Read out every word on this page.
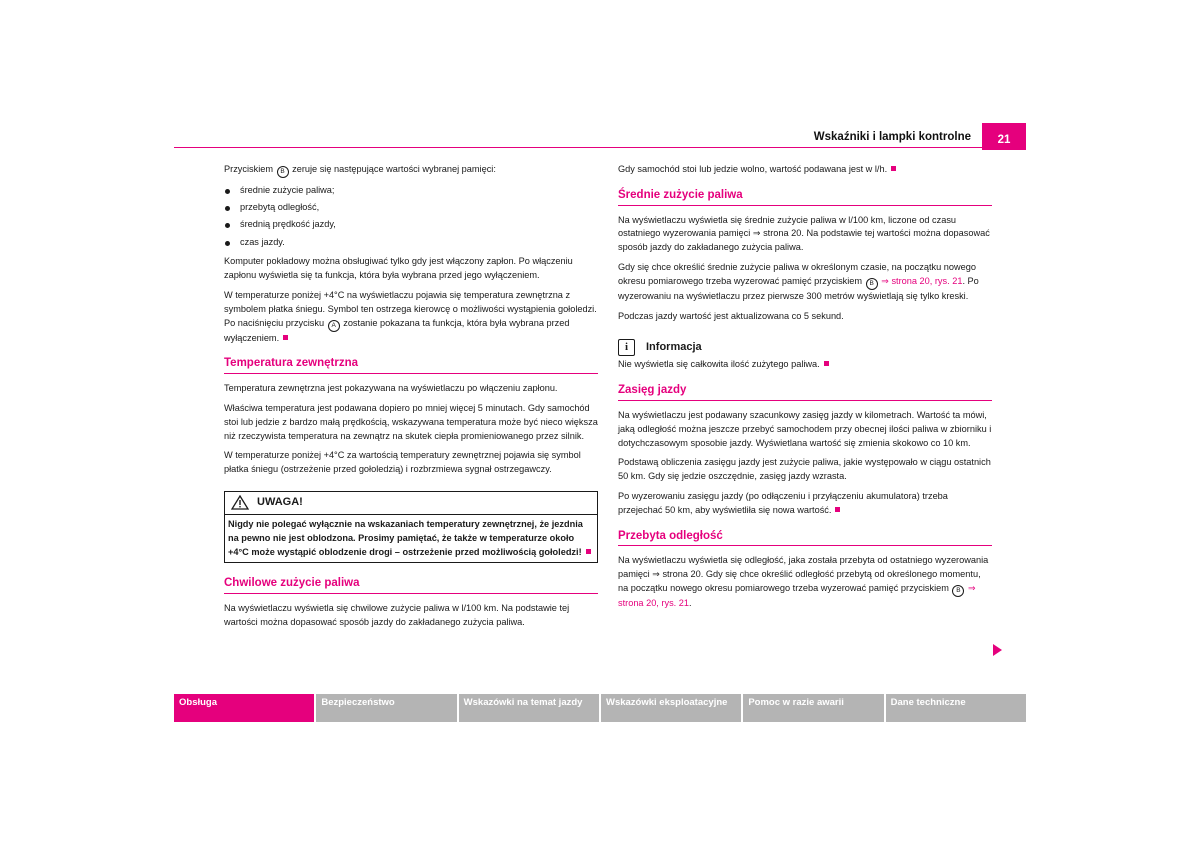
Wskaźniki i lampki kontrolne	21

Przyciskiem B zeruje się następujące wartości wybranej pamięci:

średnie zużycie paliwa;
przebytą odległość,
średnią prędkość jazdy,
czas jazdy.

Komputer pokładowy można obsługiwać tylko gdy jest włączony zapłon. Po włączeniu zapłonu wyświetla się ta funkcja, która była wybrana przed jego wyłączeniem.

W temperaturze poniżej +4°C na wyświetlaczu pojawia się temperatura zewnętrzna z symbolem płatka śniegu. Symbol ten ostrzega kierowcę o możliwości wystąpienia gołoledzi. Po naciśnięciu przycisku A zostanie pokazana ta funkcja, która była wybrana przed wyłączeniem.

Temperatura zewnętrzna

Temperatura zewnętrzna jest pokazywana na wyświetlaczu po włączeniu zapłonu.

Właściwa temperatura jest podawana dopiero po mniej więcej 5 minutach. Gdy samochód stoi lub jedzie z bardzo małą prędkością, wskazywana temperatura może być nieco większa niż rzeczywista temperatura na zewnątrz na skutek ciepła promieniowanego przez silnik.

W temperaturze poniżej +4°C za wartością temperatury zewnętrznej pojawia się symbol płatka śniegu (ostrzeżenie przed gołoledzią) i rozbrzmiewa sygnał ostrzegawczy.

UWAGA!
Nigdy nie polegać wyłącznie na wskazaniach temperatury zewnętrznej, że jezdnia na pewno nie jest oblodzona. Prosimy pamiętać, że także w temperaturze około +4°C może wystąpić oblodzenie drogi – ostrzeżenie przed możliwością gołoledzi!
Chwilowe zużycie paliwa

Na wyświetlaczu wyświetla się chwilowe zużycie paliwa w l/100 km. Na podstawie tej wartości można dopasować sposób jazdy do zakładanego zużycia paliwa.

Gdy samochód stoi lub jedzie wolno, wartość podawana jest w l/h.

Średnie zużycie paliwa

Na wyświetlaczu wyświetla się średnie zużycie paliwa w l/100 km, liczone od czasu ostatniego wyzerowania pamięci ⇒ strona 20. Na podstawie tej wartości można dopasować sposób jazdy do zakładanego zużycia paliwa.

Gdy się chce określić średnie zużycie paliwa w określonym czasie, na początku nowego okresu pomiarowego trzeba wyzerować pamięć przyciskiem B ⇒ strona 20, rys. 21. Po wyzerowaniu na wyświetlaczu przez pierwsze 300 metrów wyświetlają się tylko kreski.

Podczas jazdy wartość jest aktualizowana co 5 sekund.

i	Informacja

Nie wyświetla się całkowita ilość zużytego paliwa.

Zasięg jazdy

Na wyświetlaczu jest podawany szacunkowy zasięg jazdy w kilometrach. Wartość ta mówi, jaką odległość można jeszcze przebyć samochodem przy obecnej ilości paliwa w zbiorniku i dotychczasowym sposobie jazdy. Wyświetlana wartość się zmienia skokowo co 10 km.

Podstawą obliczenia zasięgu jazdy jest zużycie paliwa, jakie występowało w ciągu ostatnich 50 km. Gdy się jedzie oszczędnie, zasięg jazdy wzrasta.

Po wyzerowaniu zasięgu jazdy (po odłączeniu i przyłączeniu akumulatora) trzeba przejechać 50 km, aby wyświetliła się nowa wartość.

Przebyta odległość

Na wyświetlaczu wyświetla się odległość, jaka została przebyta od ostatniego wyzerowania pamięci ⇒ strona 20. Gdy się chce określić odległość przebytą od określonego momentu, na początku nowego okresu pomiarowego trzeba wyzerować pamięć przyciskiem B ⇒ strona 20, rys. 21.

Obsługa	Bezpieczeństwo	Wskazówki na temat jazdy	Wskazówki eksploatacyjne	Pomoc w razie awarii	Dane techniczne
